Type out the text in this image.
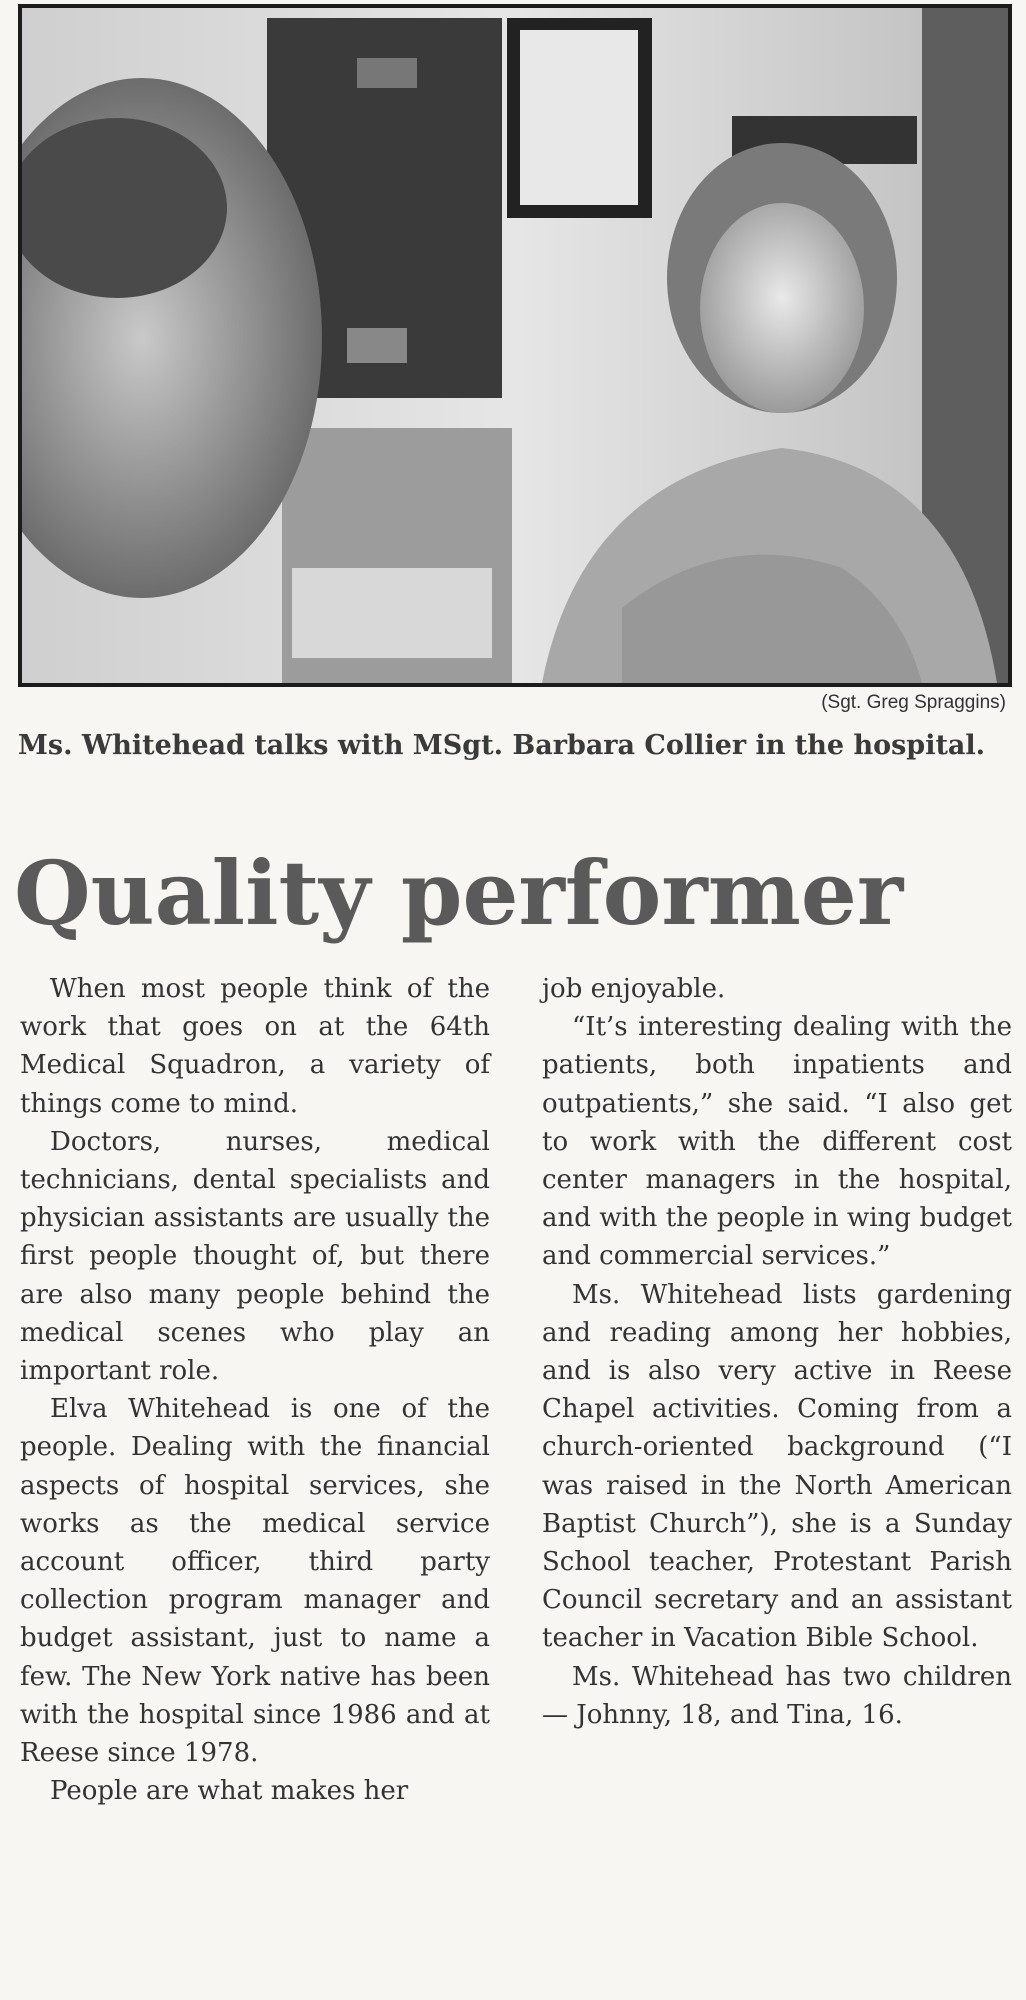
(Sgt. Greg Spraggins)

Ms. Whitehead talks with MSgt. Barbara Collier in the hospital.

Quality performer

When most people think of the work that goes on at the 64th Medical Squadron, a variety of things come to mind.

Doctors, nurses, medical technicians, dental specialists and physician assistants are usually the first people thought of, but there are also many people behind the medical scenes who play an important role.

Elva Whitehead is one of the people. Dealing with the financial aspects of hospital services, she works as the medical service account officer, third party collection program manager and budget assistant, just to name a few. The New York native has been with the hospital since 1986 and at Reese since 1978.

People are what makes her

job enjoyable.

“It’s interesting dealing with the patients, both inpatients and outpatients,” she said. “I also get to work with the different cost center managers in the hospital, and with the people in wing budget and commercial services.”

Ms. Whitehead lists gardening and reading among her hobbies, and is also very active in Reese Chapel activities. Coming from a church-oriented background (“I was raised in the North American Baptist Church”), she is a Sunday School teacher, Protestant Parish Council secretary and an assistant teacher in Vacation Bible School.

Ms. Whitehead has two children — Johnny, 18, and Tina, 16.
